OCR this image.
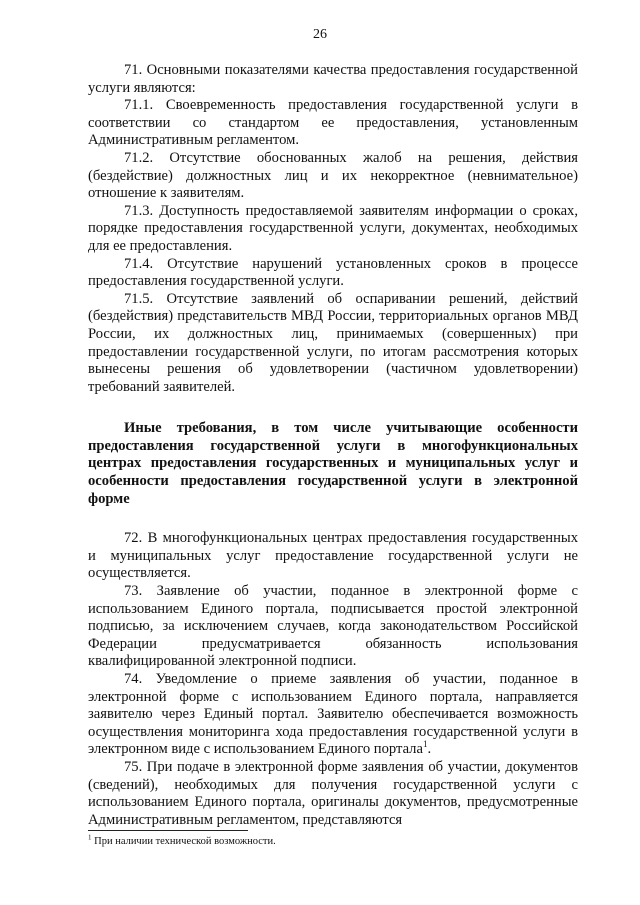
26

71. Основными показателями качества предоставления государственной услуги являются:

71.1. Своевременность предоставления государственной услуги в соответствии со стандартом ее предоставления, установленным Административным регламентом.

71.2. Отсутствие обоснованных жалоб на решения, действия (бездействие) должностных лиц и их некорректное (невнимательное) отношение к заявителям.

71.3. Доступность предоставляемой заявителям информации о сроках, порядке предоставления государственной услуги, документах, необходимых для ее предоставления.

71.4. Отсутствие нарушений установленных сроков в процессе предоставления государственной услуги.

71.5. Отсутствие заявлений об оспаривании решений, действий (бездействия) представительств МВД России, территориальных органов МВД России, их должностных лиц, принимаемых (совершенных) при предоставлении государственной услуги, по итогам рассмотрения которых вынесены решения об удовлетворении (частичном удовлетворении) требований заявителей.

Иные требования, в том числе учитывающие особенности предоставления государственной услуги в многофункциональных центрах предоставления государственных и муниципальных услуг и особенности предоставления государственной услуги в электронной форме

72. В многофункциональных центрах предоставления государственных и муниципальных услуг предоставление государственной услуги не осуществляется.

73. Заявление об участии, поданное в электронной форме с использованием Единого портала, подписывается простой электронной подписью, за исключением случаев, когда законодательством Российской Федерации предусматривается обязанность использования квалифицированной электронной подписи.

74. Уведомление о приеме заявления об участии, поданное в электронной форме с использованием Единого портала, направляется заявителю через Единый портал. Заявителю обеспечивается возможность осуществления мониторинга хода предоставления государственной услуги в электронном виде с использованием Единого портала$^1$.

75. При подаче в электронной форме заявления об участии, документов (сведений), необходимых для получения государственной услуги с использованием Единого портала, оригиналы документов, предусмотренные Административным регламентом, представляются

$^1$ При наличии технической возможности.
